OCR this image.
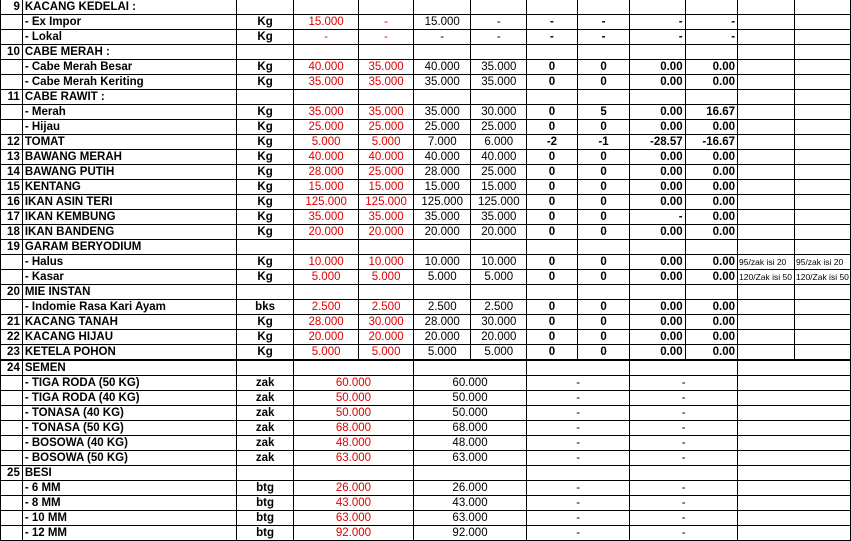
9	KACANG KEDELAI :											
	- Ex Impor	Kg	15.000	-	15.000	-	-	-	-	-		
	- Lokal	Kg	-	-	-	-	-	-	-	-		
10	CABE MERAH :											
	- Cabe Merah Besar	Kg	40.000	35.000	40.000	35.000	0	0	0.00	0.00		
	- Cabe Merah Keriting	Kg	35.000	35.000	35.000	35.000	0	0	0.00	0.00		
11	CABE RAWIT :											
	- Merah	Kg	35.000	35.000	35.000	30.000	0	5	0.00	16.67		
	- Hijau	Kg	25.000	25.000	25.000	25.000	0	0	0.00	0.00		
12	TOMAT	Kg	5.000	5.000	7.000	6.000	-2	-1	-28.57	-16.67		
13	BAWANG MERAH	Kg	40.000	40.000	40.000	40.000	0	0	0.00	0.00		
14	BAWANG PUTIH	Kg	28.000	25.000	28.000	25.000	0	0	0.00	0.00		
15	KENTANG	Kg	15.000	15.000	15.000	15.000	0	0	0.00	0.00		
16	IKAN ASIN TERI	Kg	125.000	125.000	125.000	125.000	0	0	0.00	0.00		
17	IKAN KEMBUNG	Kg	35.000	35.000	35.000	35.000	0	0	-	0.00		
18	IKAN BANDENG	Kg	20.000	20.000	20.000	20.000	0	0	0.00	0.00		
19	GARAM BERYODIUM											
	- Halus	Kg	10.000	10.000	10.000	10.000	0	0	0.00	0.00	95/zak isi 20	95/zak isi 20
	- Kasar	Kg	5.000	5.000	5.000	5.000	0	0	0.00	0.00	120/Zak isi 50	120/Zak isi 50
20	MIE INSTAN											
	- Indomie Rasa Kari Ayam	bks	2.500	2.500	2.500	2.500	0	0	0.00	0.00		
21	KACANG TANAH	Kg	28.000	30.000	28.000	30.000	0	0	0.00	0.00		
22	KACANG HIJAU	Kg	20.000	20.000	20.000	20.000	0	0	0.00	0.00		
23	KETELA POHON	Kg	5.000	5.000	5.000	5.000	0	0	0.00	0.00		
24	SEMEN											
	- TIGA RODA (50 KG)	zak	60.000		60.000		-		-			
	- TIGA RODA (40 KG)	zak	50.000		50.000		-		-			
	- TONASA (40 KG)	zak	50.000		50.000		-		-			
	- TONASA (50 KG)	zak	68.000		68.000		-		-			
	- BOSOWA (40 KG)	zak	48.000		48.000		-		-			
	- BOSOWA (50 KG)	zak	63.000		63.000		-		-			
25	BESI											
	- 6 MM	btg	26.000		26.000		-		-			
	- 8 MM	btg	43.000		43.000		-		-			
	- 10 MM	btg	63.000		63.000		-		-			
	- 12 MM	btg	92.000		92.000		-		-			
